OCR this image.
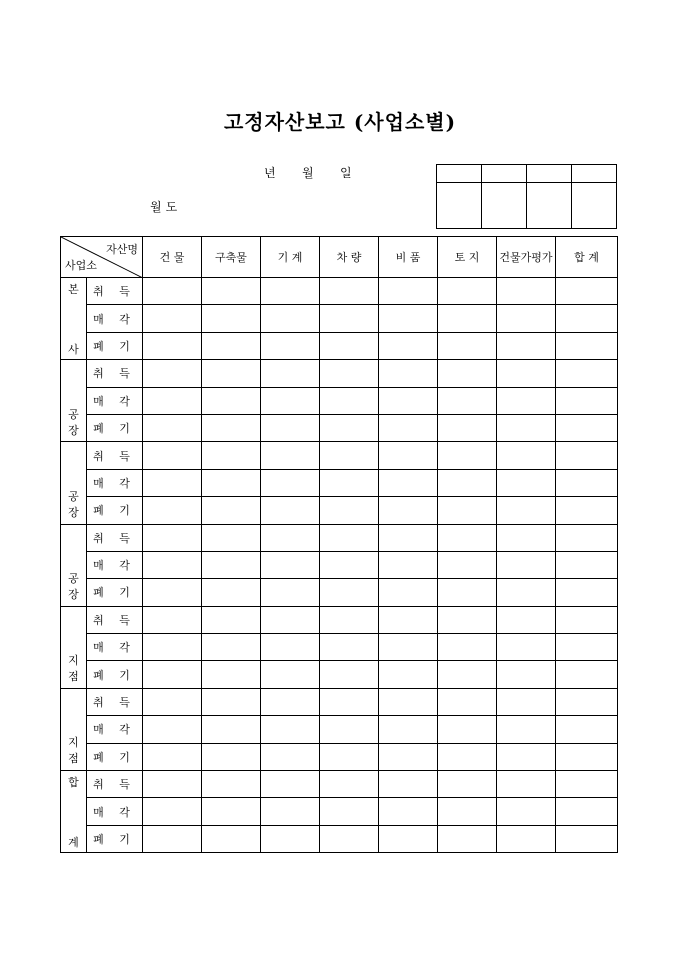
고정자산보고 (사업소별)
년 월 일
월도

자산명
사업소		건 물	구축물	기 계	차 량	비 품	토 지	건물가평가	합 계

본
사	취 득								
	매 각								
	폐 기								

공
장	취 득								
	매 각								
	폐 기								

공
장	취 득								
	매 각								
	폐 기								

공
장	취 득								
	매 각								
	폐 기								

지
점	취 득								
	매 각								
	폐 기								

지
점	취 득								
	매 각								
	폐 기								

합
계	취 득								
	매 각								
	폐 기								
